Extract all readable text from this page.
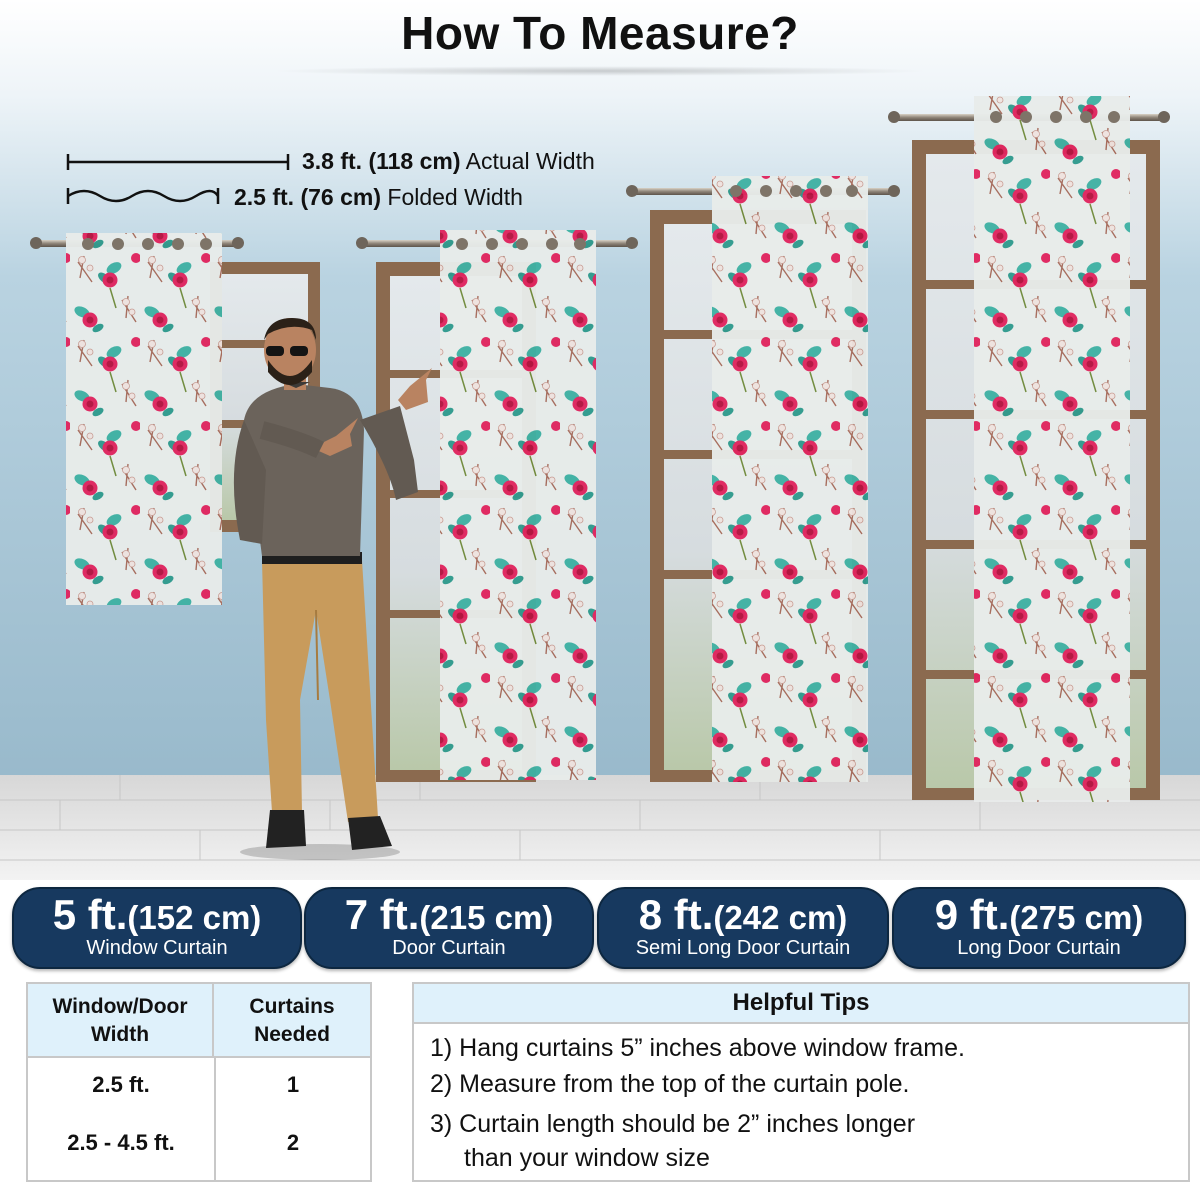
How To Measure?
3.8 ft. (118 cm) Actual Width
2.5 ft. (76 cm) Folded Width
5 ft.(152 cm)
Window Curtain
7 ft.(215 cm)
Door Curtain
8 ft.(242 cm)
Semi Long Door Curtain
9 ft.(275 cm)
Long Door Curtain
Window/Door
Width
Curtains
Needed
2.5 ft.	1
2.5 - 4.5 ft.	2
Helpful Tips
1) Hang curtains 5” inches above window frame.
2) Measure from the top of the curtain pole.
3) Curtain length should be 2” inches longer
than your window size
